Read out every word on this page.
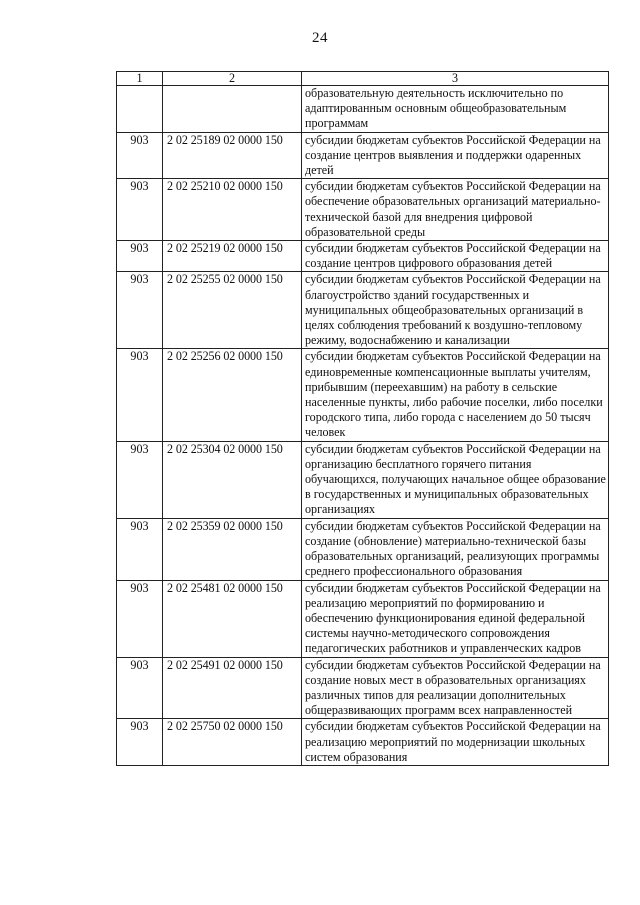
24
1	2	3
		образовательную деятельность исключительно по адаптированным основным общеобразовательным программам
903	2 02 25189 02 0000 150	субсидии бюджетам субъектов Российской Федерации на создание центров выявления и поддержки одаренных детей
903	2 02 25210 02 0000 150	субсидии бюджетам субъектов Российской Федерации на обеспечение образовательных организаций материально-технической базой для внедрения цифровой образовательной среды
903	2 02 25219 02 0000 150	субсидии бюджетам субъектов Российской Федерации на создание центров цифрового образования детей
903	2 02 25255 02 0000 150	субсидии бюджетам субъектов Российской Федерации на благоустройство зданий государственных и муниципальных общеобразовательных организаций в целях соблюдения требований к воздушно-тепловому режиму, водоснабжению и канализации
903	2 02 25256 02 0000 150	субсидии бюджетам субъектов Российской Федерации на единовременные компенсационные выплаты учителям, прибывшим (переехавшим) на работу в сельские населенные пункты, либо рабочие поселки, либо поселки городского типа, либо города с населением до 50 тысяч человек
903	2 02 25304 02 0000 150	субсидии бюджетам субъектов Российской Федерации на организацию бесплатного горячего питания обучающихся, получающих начальное общее образование в государственных и муниципальных образовательных организациях
903	2 02 25359 02 0000 150	субсидии бюджетам субъектов Российской Федерации на создание (обновление) материально-технической базы образовательных организаций, реализующих программы среднего профессионального образования
903	2 02 25481 02 0000 150	субсидии бюджетам субъектов Российской Федерации на реализацию мероприятий по формированию и обеспечению функционирования единой федеральной системы научно-методического сопровождения педагогических работников и управленческих кадров
903	2 02 25491 02 0000 150	субсидии бюджетам субъектов Российской Федерации на создание новых мест в образовательных организациях различных типов для реализации дополнительных общеразвивающих программ всех направленностей
903	2 02 25750 02 0000 150	субсидии бюджетам субъектов Российской Федерации на реализацию мероприятий по модернизации школьных систем образования
